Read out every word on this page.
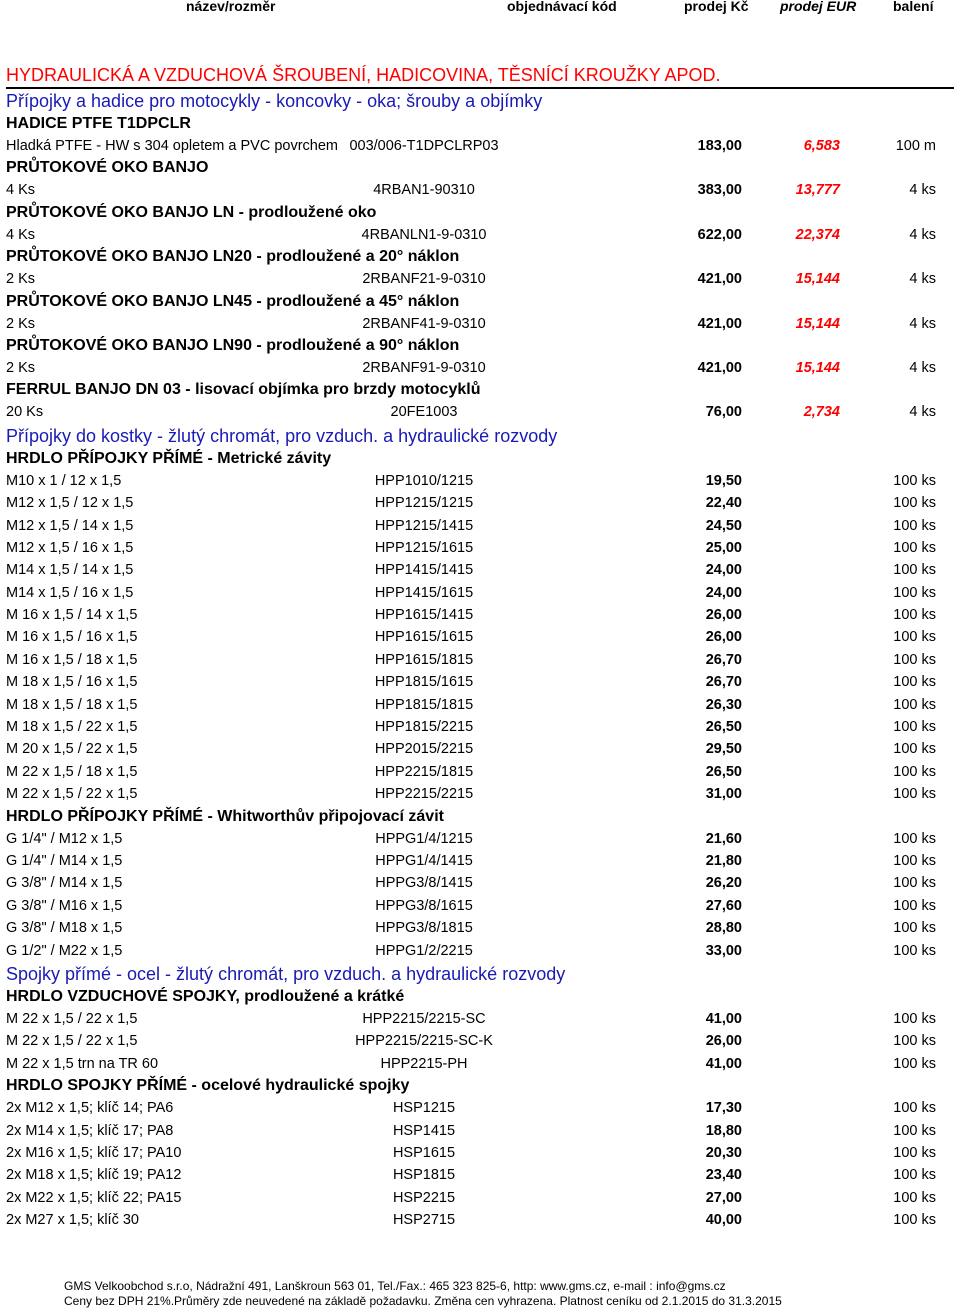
název/rozměr	objednávací kód	prodej Kč prodej EUR	balení
HYDRAULICKÁ A VZDUCHOVÁ ŠROUBENÍ, HADICOVINA, TĚSNÍCÍ KROUŽKY APOD.
Přípojky a hadice pro motocykly - koncovky - oka; šrouby a objímky
HADICE PTFE T1DPCLR
Hladká PTFE - HW s 304 opletem a PVC povrchem 003/006-T1DPCLRP03	183,00	6,583	100 m
PRŮTOKOVÉ OKO BANJO
4 Ks	4RBAN1-90310	383,00	13,777	4 ks
PRŮTOKOVÉ OKO BANJO LN - prodloužené oko
4 Ks	4RBANLN1-9-0310	622,00	22,374	4 ks
PRŮTOKOVÉ OKO BANJO LN20 - prodloužené a 20° náklon
2 Ks	2RBANF21-9-0310	421,00	15,144	4 ks
PRŮTOKOVÉ OKO BANJO LN45 - prodloužené a 45° náklon
2 Ks	2RBANF41-9-0310	421,00	15,144	4 ks
PRŮTOKOVÉ OKO BANJO LN90 - prodloužené a 90° náklon
2 Ks	2RBANF91-9-0310	421,00	15,144	4 ks
FERRUL BANJO DN 03 - lisovací objímka pro brzdy motocyklů
20 Ks	20FE1003	76,00	2,734	4 ks
Přípojky do kostky - žlutý chromát, pro vzduch. a hydraulické rozvody
HRDLO PŘÍPOJKY PŘÍMÉ - Metrické závity
M10 x 1 / 12 x 1,5	HPP1010/1215	19,50	100 ks
M12 x 1,5 / 12 x 1,5	HPP1215/1215	22,40	100 ks
M12 x 1,5 / 14 x 1,5	HPP1215/1415	24,50	100 ks
M12 x 1,5 / 16 x 1,5	HPP1215/1615	25,00	100 ks
M14 x 1,5 / 14 x 1,5	HPP1415/1415	24,00	100 ks
M14 x 1,5 / 16 x 1,5	HPP1415/1615	24,00	100 ks
M 16 x 1,5 / 14 x 1,5	HPP1615/1415	26,00	100 ks
M 16 x 1,5 / 16 x 1,5	HPP1615/1615	26,00	100 ks
M 16 x 1,5 / 18 x 1,5	HPP1615/1815	26,70	100 ks
M 18 x 1,5 / 16 x 1,5	HPP1815/1615	26,70	100 ks
M 18 x 1,5 / 18 x 1,5	HPP1815/1815	26,30	100 ks
M 18 x 1,5 / 22 x 1,5	HPP1815/2215	26,50	100 ks
M 20 x 1,5 / 22 x 1,5	HPP2015/2215	29,50	100 ks
M 22 x 1,5 / 18 x 1,5	HPP2215/1815	26,50	100 ks
M 22 x 1,5 / 22 x 1,5	HPP2215/2215	31,00	100 ks
HRDLO PŘÍPOJKY PŘÍMÉ - Whitworthův připojovací závit
G 1/4" / M12 x 1,5	HPPG1/4/1215	21,60	100 ks
G 1/4" / M14 x 1,5	HPPG1/4/1415	21,80	100 ks
G 3/8" / M14 x 1,5	HPPG3/8/1415	26,20	100 ks
G 3/8" / M16 x 1,5	HPPG3/8/1615	27,60	100 ks
G 3/8" / M18 x 1,5	HPPG3/8/1815	28,80	100 ks
G 1/2" / M22 x 1,5	HPPG1/2/2215	33,00	100 ks
Spojky přímé - ocel - žlutý chromát, pro vzduch. a hydraulické rozvody
HRDLO VZDUCHOVÉ SPOJKY, prodloužené a krátké
M 22 x 1,5 / 22 x 1,5	HPP2215/2215-SC	41,00	100 ks
M 22 x 1,5 / 22 x 1,5	HPP2215/2215-SC-K	26,00	100 ks
M 22 x 1,5 trn na TR 60	HPP2215-PH	41,00	100 ks
HRDLO SPOJKY PŘÍMÉ - ocelové hydraulické spojky
2x M12 x 1,5; klíč 14; PA6	HSP1215	17,30	100 ks
2x M14 x 1,5; klíč 17; PA8	HSP1415	18,80	100 ks
2x M16 x 1,5; klíč 17; PA10	HSP1615	20,30	100 ks
2x M18 x 1,5; klíč 19; PA12	HSP1815	23,40	100 ks
2x M22 x 1,5; klíč 22; PA15	HSP2215	27,00	100 ks
2x M27 x 1,5; klíč 30	HSP2715	40,00	100 ks
GMS Velkoobchod s.r.o, Nádražní 491, Lanškroun 563 01, Tel./Fax.: 465 323 825-6, http: www.gms.cz, e-mail : info@gms.cz
Ceny bez DPH 21%.Průměry zde neuvedené na základě požadavku. Změna cen vyhrazena. Platnost ceníku od 2.1.2015 do 31.3.2015
